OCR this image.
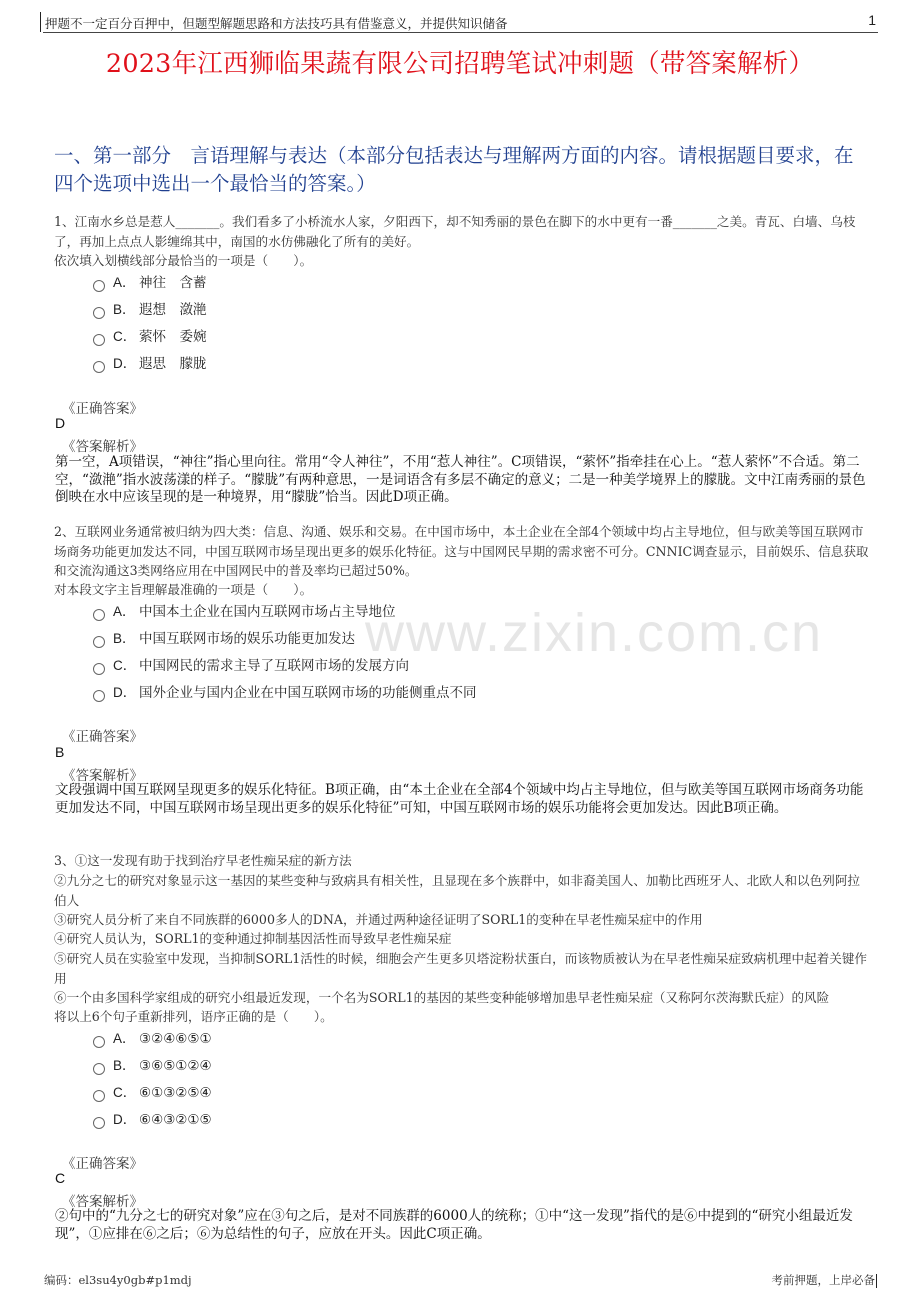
押题不一定百分百押中，但题型解题思路和方法技巧具有借鉴意义，并提供知识储备	1
2023年江西狮临果蔬有限公司招聘笔试冲刺题（带答案解析）
一、第一部分　言语理解与表达（本部分包括表达与理解两方面的内容。请根据题目要求，在四个选项中选出一个最恰当的答案。）
www.zixin.com.cn
1、江南水乡总是惹人_______。我们看多了小桥流水人家，夕阳西下，却不知秀丽的景色在脚下的水中更有一番_______之美。青瓦、白墙、乌枝了，再加上点点人影缠绵其中，南国的水仿佛融化了所有的美好。
依次填入划横线部分最恰当的一项是（　　）。
A． 神往　含蓄
B． 遐想　潋滟
C． 萦怀　委婉
D． 遐思　朦胧
《正确答案》
D
《答案解析》
第一空，A项错误，“神往”指心里向往。常用“令人神往”，不用“惹人神往”。C项错误，“萦怀”指牵挂在心上。“惹人萦怀”不合适。第二空，“潋滟”指水波荡漾的样子。“朦胧”有两种意思，一是词语含有多层不确定的意义；二是一种美学境界上的朦胧。文中江南秀丽的景色倒映在水中应该呈现的是一种境界，用“朦胧”恰当。因此D项正确。
2、互联网业务通常被归纳为四大类：信息、沟通、娱乐和交易。在中国市场中，本土企业在全部4个领域中均占主导地位，但与欧美等国互联网市场商务功能更加发达不同，中国互联网市场呈现出更多的娱乐化特征。这与中国网民早期的需求密不可分。CNNIC调查显示，目前娱乐、信息获取和交流沟通这3类网络应用在中国网民中的普及率均已超过50%。
对本段文字主旨理解最准确的一项是（　　）。
A． 中国本土企业在国内互联网市场占主导地位
B． 中国互联网市场的娱乐功能更加发达
C． 中国网民的需求主导了互联网市场的发展方向
D． 国外企业与国内企业在中国互联网市场的功能侧重点不同
《正确答案》
B
《答案解析》
文段强调中国互联网呈现更多的娱乐化特征。B项正确，由“本土企业在全部4个领域中均占主导地位，但与欧美等国互联网市场商务功能更加发达不同，中国互联网市场呈现出更多的娱乐化特征”可知，中国互联网市场的娱乐功能将会更加发达。因此B项正确。
3、①这一发现有助于找到治疗早老性痴呆症的新方法
②九分之七的研究对象显示这一基因的某些变种与致病具有相关性，且显现在多个族群中，如非裔美国人、加勒比西班牙人、北欧人和以色列阿拉伯人
③研究人员分析了来自不同族群的6000多人的DNA，并通过两种途径证明了SORL1的变种在早老性痴呆症中的作用
④研究人员认为，SORL1的变种通过抑制基因活性而导致早老性痴呆症
⑤研究人员在实验室中发现，当抑制SORL1活性的时候，细胞会产生更多贝塔淀粉状蛋白，而该物质被认为在早老性痴呆症致病机理中起着关键作用
⑥一个由多国科学家组成的研究小组最近发现，一个名为SORL1的基因的某些变种能够增加患早老性痴呆症（又称阿尔茨海默氏症）的风险
将以上6个句子重新排列，语序正确的是（　　）。
A． ③②④⑥⑤①
B． ③⑥⑤①②④
C． ⑥①③②⑤④
D． ⑥④③②①⑤
《正确答案》
C
《答案解析》
②句中的“九分之七的研究对象”应在③句之后，是对不同族群的6000人的统称；①中“这一发现”指代的是⑥中提到的“研究小组最近发现”，①应排在⑥之后；⑥为总结性的句子，应放在开头。因此C项正确。
编码：el3su4y0gb#p1mdj	考前押题，上岸必备
